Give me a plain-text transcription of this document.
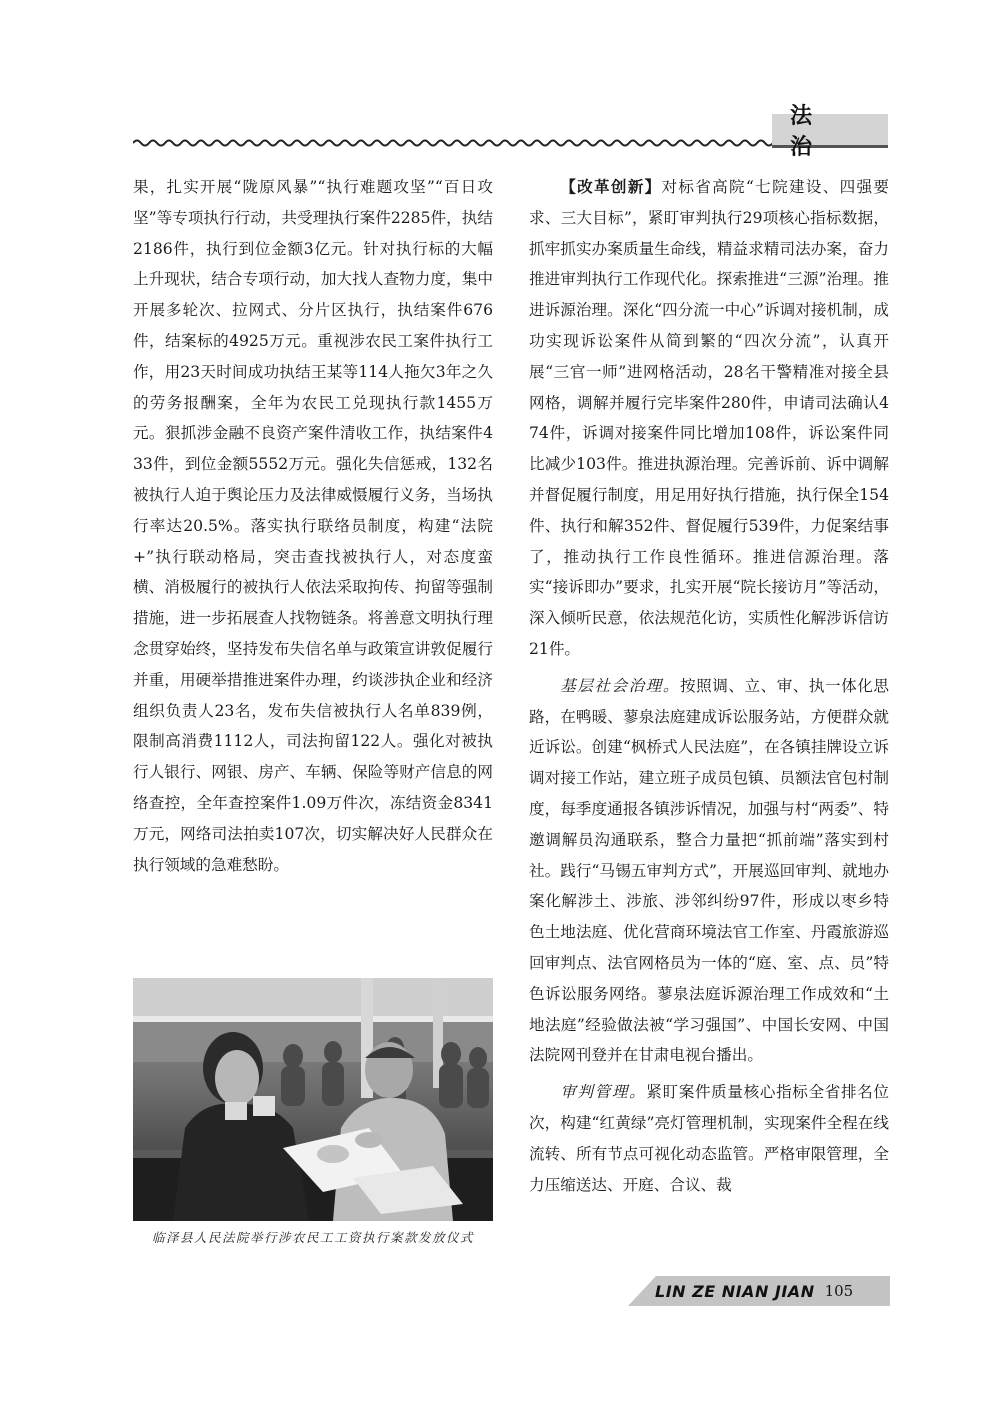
法 治

果，扎实开展“陇原风暴”“执行难题攻坚”“百日攻坚”等专项执行行动，共受理执行案件2285件，执结2186件，执行到位金额3亿元。针对执行标的大幅上升现状，结合专项行动，加大找人查物力度，集中开展多轮次、拉网式、分片区执行，执结案件676件，结案标的4925万元。重视涉农民工案件执行工作，用23天时间成功执结王某等114人拖欠3年之久的劳务报酬案，全年为农民工兑现执行款1455万元。狠抓涉金融不良资产案件清收工作，执结案件433件，到位金额5552万元。强化失信惩戒，132名被执行人迫于舆论压力及法律威慑履行义务，当场执行率达20.5%。落实执行联络员制度，构建“法院+”执行联动格局，突击查找被执行人，对态度蛮横、消极履行的被执行人依法采取拘传、拘留等强制措施，进一步拓展查人找物链条。将善意文明执行理念贯穿始终，坚持发布失信名单与政策宣讲敦促履行并重，用硬举措推进案件办理，约谈涉执企业和经济组织负责人23名，发布失信被执行人名单839例，限制高消费1112人，司法拘留122人。强化对被执行人银行、网银、房产、车辆、保险等财产信息的网络查控，全年查控案件1.09万件次，冻结资金8341万元，网络司法拍卖107次，切实解决好人民群众在执行领域的急难愁盼。

临泽县人民法院举行涉农民工工资执行案款发放仪式

【改革创新】对标省高院“七院建设、四强要求、三大目标”，紧盯审判执行29项核心指标数据，抓牢抓实办案质量生命线，精益求精司法办案，奋力推进审判执行工作现代化。探索推进“三源”治理。推进诉源治理。深化“四分流一中心”诉调对接机制，成功实现诉讼案件从简到繁的“四次分流”，认真开展“三官一师”进网格活动，28名干警精准对接全县网格，调解并履行完毕案件280件，申请司法确认474件，诉调对接案件同比增加108件，诉讼案件同比减少103件。推进执源治理。完善诉前、诉中调解并督促履行制度，用足用好执行措施，执行保全154件、执行和解352件、督促履行539件，力促案结事了，推动执行工作良性循环。推进信源治理。落实“接诉即办”要求，扎实开展“院长接访月”等活动，深入倾听民意，依法规范化访，实质性化解涉诉信访21件。

基层社会治理。按照调、立、审、执一体化思路，在鸭暖、蓼泉法庭建成诉讼服务站，方便群众就近诉讼。创建“枫桥式人民法庭”，在各镇挂牌设立诉调对接工作站，建立班子成员包镇、员额法官包村制度，每季度通报各镇涉诉情况，加强与村“两委”、特邀调解员沟通联系，整合力量把“抓前端”落实到村社。践行“马锡五审判方式”，开展巡回审判、就地办案化解涉土、涉旅、涉邻纠纷97件，形成以枣乡特色土地法庭、优化营商环境法官工作室、丹霞旅游巡回审判点、法官网格员为一体的“庭、室、点、员”特色诉讼服务网络。蓼泉法庭诉源治理工作成效和“土地法庭”经验做法被“学习强国”、中国长安网、中国法院网刊登并在甘肃电视台播出。

审判管理。紧盯案件质量核心指标全省排名位次，构建“红黄绿”亮灯管理机制，实现案件全程在线流转、所有节点可视化动态监管。严格审限管理，全力压缩送达、开庭、合议、裁

LIN ZE NIAN JIAN 105
